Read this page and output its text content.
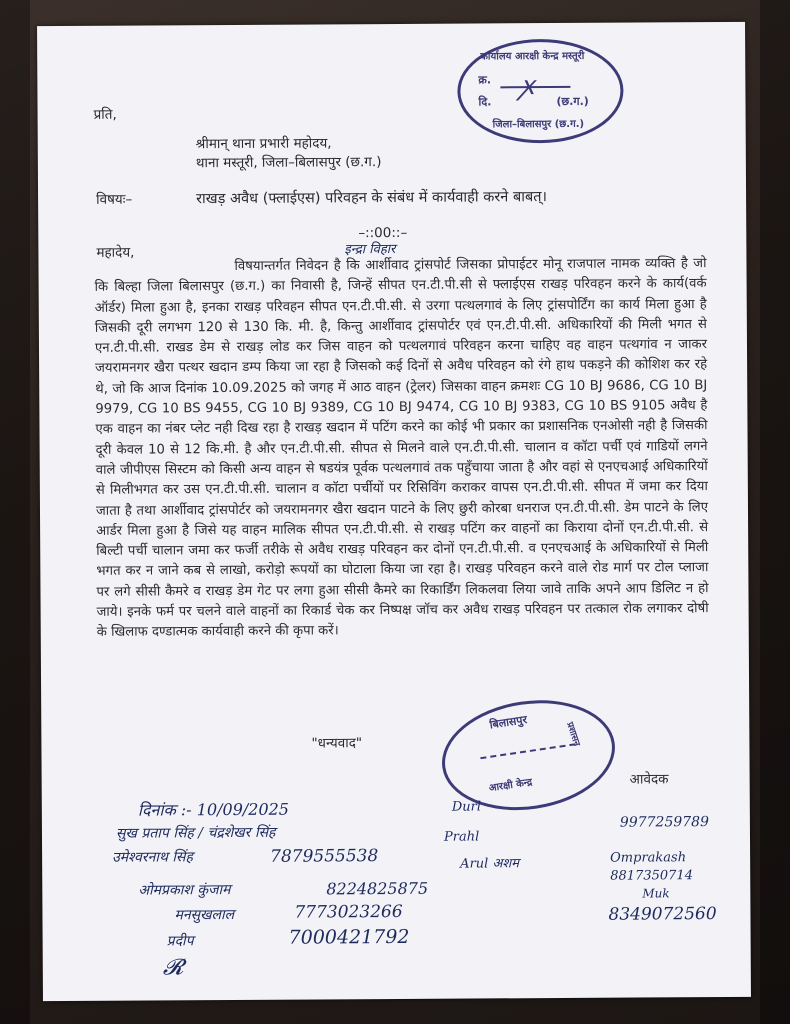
कार्यालय आरक्षी केन्द्र मस्तूरी
क्र.
दि.	(छ.ग.)
जिला–बिलासपुर (छ.ग.)
ꭗ
प्रति,
श्रीमान् थाना प्रभारी महोदय,
थाना मस्तूरी, जिला–बिलासपुर (छ.ग.)
विषयः–	राखड़ अवैध (फ्लाईएस) परिवहन के संबंध में कार्यवाही करने बाबत्।
–::00::–
इन्द्रा विहार
महादेय,
विषयान्तर्गत निवेदन है कि आर्शीवाद ट्रांसपोर्ट जिसका प्रोपाईटर मोनू राजपाल नामक व्यक्ति है जो कि बिल्हा जिला बिलासपुर (छ.ग.) का निवासी है, जिन्हें सीपत एन.टी.पी.सी से फ्लाईएस राखड़ परिवहन करने के कार्य(वर्क ऑर्डर) मिला हुआ है, इनका राखड़ परिवहन सीपत एन.टी.पी.सी. से उरगा पत्थलगावं के लिए ट्रांसपोर्टिंग का कार्य मिला हुआ है जिसकी दूरी लगभग 120 से 130 कि. मी. है, किन्तु आर्शीवाद ट्रांसपोर्टर एवं एन.टी.पी.सी. अधिकारियों की मिली भगत से एन.टी.पी.सी. राखड डेम से राखड़ लोड कर जिस वाहन को पत्थलगावं परिवहन करना चाहिए वह वाहन पत्थगांव न जाकर जयरामनगर खैरा पत्थर खदान डम्प किया जा रहा है जिसको कई दिनों से अवैध परिवहन को रंगे हाथ पकड़ने की कोशिश कर रहे थे, जो कि आज दिनांक 10.09.2025 को जगह में आठ वाहन (ट्रेलर) जिसका वाहन क्रमशः CG 10 BJ 9686, CG 10 BJ 9979, CG 10 BS 9455, CG 10 BJ 9389, CG 10 BJ 9474, CG 10 BJ 9383, CG 10 BS 9105 अवैध है एक वाहन का नंबर प्लेट नही दिख रहा है राखड़ खदान में पटिंग करने का कोई भी प्रकार का प्रशासनिक एनओसी नही है जिसकी दूरी केवल 10 से 12 कि.मी. है और एन.टी.पी.सी. सीपत से मिलने वाले एन.टी.पी.सी. चालान व कॉटा पर्ची एवं गाडियों लगने वाले जीपीएस सिस्टम को किसी अन्य वाहन से षडयंत्र पूर्वक पत्थलगावं तक पहुँचाया जाता है और वहां से एनएचआई अधिकारियों से मिलीभगत कर उस एन.टी.पी.सी. चालान व कॉटा पर्चीयों पर रिसिविंग कराकर वापस एन.टी.पी.सी. सीपत में जमा कर दिया जाता है तथा आर्शीवाद ट्रांसपोर्टर को जयरामनगर खैरा खदान पाटने के लिए छुरी कोरबा धनराज एन.टी.पी.सी. डेम पाटने के लिए आर्डर मिला हुआ है जिसे यह वाहन मालिक सीपत एन.टी.पी.सी. से राखड़ पटिंग कर वाहनों का किराया दोनों एन.टी.पी.सी. से बिल्टी पर्ची चालान जमा कर फर्जी तरीके से अवैध राखड़ परिवहन कर दोनों एन.टी.पी.सी. व एनएचआई के अधिकारियों से मिली भगत कर न जाने कब से लाखो, करोड़ो रूपयों का घोटाला किया जा रहा है। राखड़ परिवहन करने वाले रोड मार्ग पर टोल प्लाजा पर लगे सीसी कैमरे व राखड़ डेम गेट पर लगा हुआ सीसी कैमरे का रिकार्डिंग लिकलवा लिया जावे ताकि अपने आप डिलिट न हो जाये। इनके फर्म पर चलने वाले वाहनों का रिकार्ड चेक कर निष्पक्ष जॉच कर अवैध राखड़ परिवहन पर तत्काल रोक लगाकर दोषी के खिलाफ दण्डात्मक कार्यवाही करने की कृपा करें।
बिलासपुर
आरक्षी केन्द्र
प्रशासन
"धन्यवाद"
आवेदक
दिनांक :- 10/09/2025
सुख प्रताप सिंह / चंद्रशेखर सिंह
उमेश्वरनाथ सिंह	7879555538
ओमप्रकाश कुंजाम	8224825875
मनसुखलाल	7773023266
प्रदीप	7000421792
𝓡
Durl
Prahl
Arul अशम
9977259789
Omprakash
8817350714
Muk
8349072560
